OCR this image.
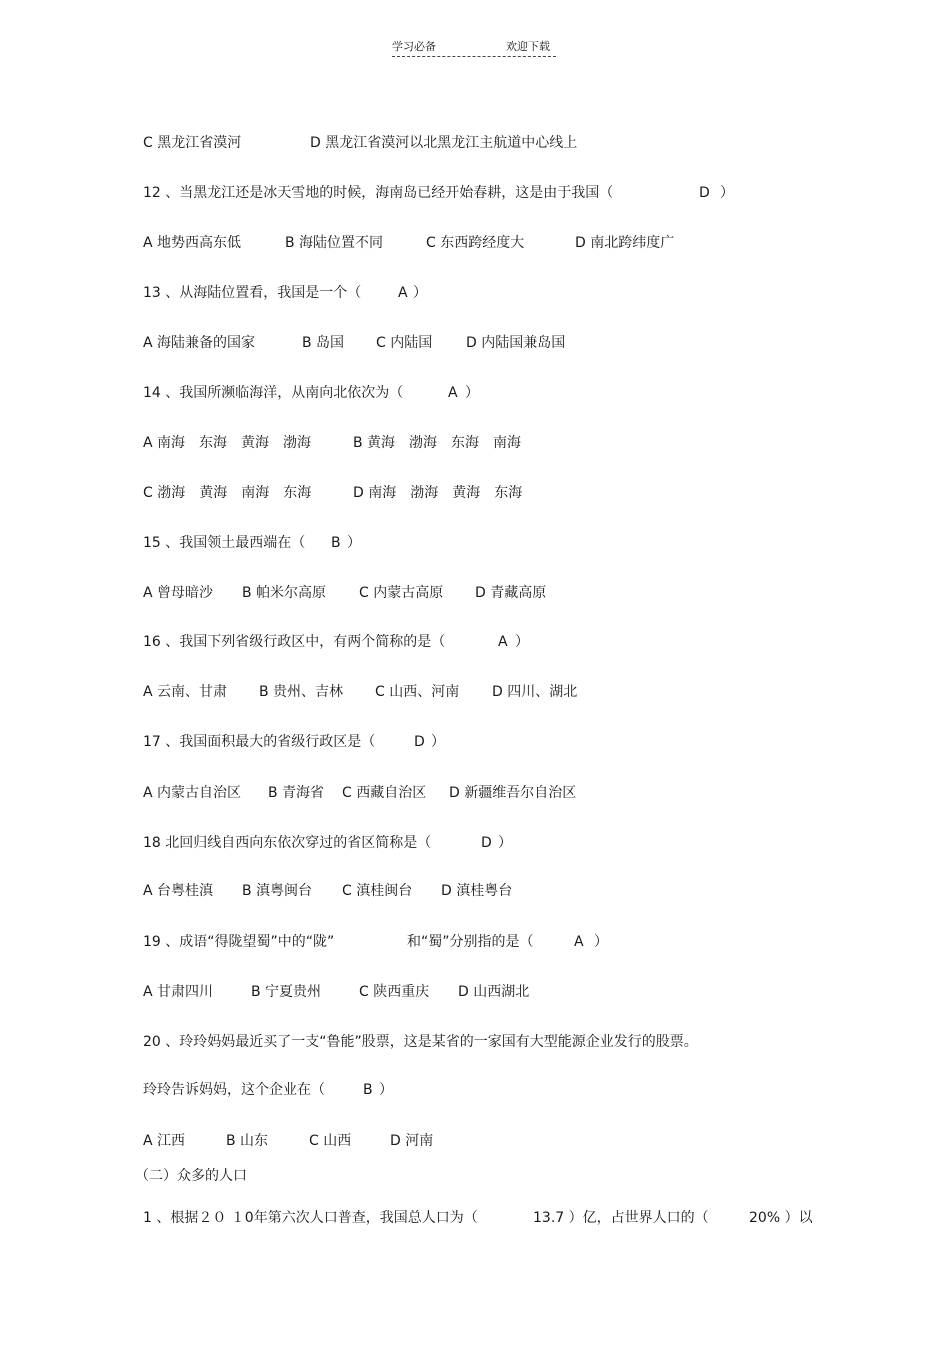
学习必备	欢迎下载

C 黑龙江省漠河

	D 黑龙江省漠河以北黑龙江主航道中心线上

12 、当黑龙江还是冰天雪地的时候，海南岛已经开始春耕，这是由于我国（

	D

）

A 地势西高东低

	B 海陆位置不同

	C 东西跨经度大

	D 南北跨纬度广

13 、从海陆位置看，我国是一个（

	A

）

A 海陆兼备的国家

	B 岛国

C 内陆国

D 内陆国兼岛国

14 、我国所濒临海洋，从南向北依次为（

	A

）

A 南海　东海　黄海　渤海

	B 黄海　渤海　东海　南海

C 渤海　黄海　南海　东海

	D 南海　渤海　黄海　东海

15 、我国领土最西端在（

B

）

A 曾母暗沙

B 帕米尔高原

C 内蒙古高原

D 青藏高原

16 、我国下列省级行政区中，有两个简称的是（

	A

）

A 云南、甘肃

B 贵州、吉林

C 山西、河南

D 四川、湖北

17 、我国面积最大的省级行政区是（

	D

）

A 内蒙古自治区

B 青海省

C 西藏自治区

D 新疆维吾尔自治区

18 北回归线自西向东依次穿过的省区简称是（

	D

）

A 台粤桂滇

B 滇粤闽台

C 滇桂闽台

D 滇桂粤台

19 、成语“得陇望蜀”中的“陇”

	和“蜀”分别指的是（

	A

）

A 甘肃四川

	B 宁夏贵州

	C 陕西重庆

D 山西湖北

20 、玲玲妈妈最近买了一支“鲁能”股票，这是某省的一家国有大型能源企业发行的股票。

玲玲告诉妈妈，这个企业在（

	B

）

A 江西

	B 山东

	C 山西

	D 河南

（二）众多的人口

1 、根据２０ １0年第六次人口普查，我国总人口为（

	13.7 ）亿，占世界人口的（

	20% ）以
